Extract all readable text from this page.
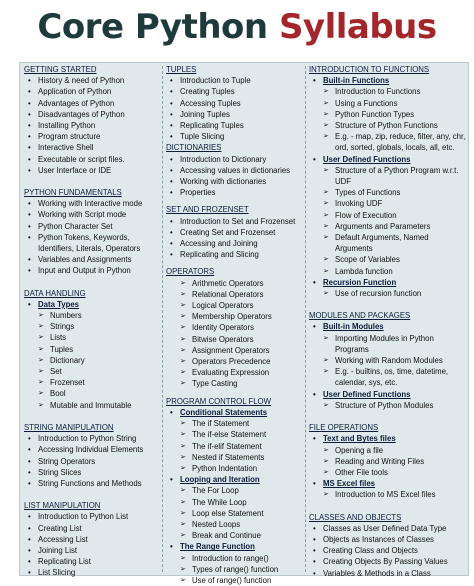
Core Python Syllabus
GETTING STARTED
• History & need of Python
• Application of Python
• Advantages of Python
• Disadvantages of Python
• Installing Python
• Program structure
• Interactive Shell
• Executable or script files.
• User Interface or IDE
PYTHON FUNDAMENTALS
• Working with Interactive mode
• Working with Script mode
• Python Character Set
• Python Tokens, Keywords, Identifiers, Literals, Operators
• Variables and Assignments
• Input and Output in Python
DATA HANDLING
• Data Types
➢ Numbers
➢ Strings
➢ Lists
➢ Tuples
➢ Dictionary
➢ Set
➢ Frozenset
➢ Bool
➢ Mutable and Immutable
STRING MANIPULATION
• Introduction to Python String
• Accessing Individual Elements
• String Operators
• String Slices
• String Functions and Methods
LIST MANIPULATION
• Introduction to Python List
• Creating List
• Accessing List
• Joining List
• Replicating List
• List Slicing
TUPLES
• Introduction to Tuple
• Creating Tuples
• Accessing Tuples
• Joining Tuples
• Replicating Tuples
• Tuple Slicing
DICTIONARIES
• Introduction to Dictionary
• Accessing values in dictionaries
• Working with dictionaries
• Properties
SET AND FROZENSET
• Introduction to Set and Frozenset
• Creating Set and Frozenset
• Accessing and Joining
• Replicating and Slicing
OPERATORS
➢ Arithmetic Operators
➢ Relational Operators
➢ Logical Operators
➢ Membership Operators
➢ Identity Operators
➢ Bitwise Operators
➢ Assignment Operators
➢ Operators Precedence
➢ Evaluating Expression
➢ Type Casting
PROGRAM CONTROL FLOW
• Conditional Statements
➢ The if Statement
➢ The if-else Statement
➢ The if-elif Statement
➢ Nested if Statements
➢ Python Indentation
• Looping and Iteration
➢ The For Loop
➢ The While Loop
➢ Loop else Statement
➢ Nested Loops
➢ Break and Continue
• The Range Function
➢ Introduction to range()
➢ Types of range() function
➢ Use of range() function
INTRODUCTION TO FUNCTIONS
• Built-in Functions
➢ Introduction to Functions
➢ Using a Functions
➢ Python Function Types
➢ Structure of Python Functions
➢ E.g. - map, zip, reduce, filter, any, chr, ord, sorted, globals, locals, all, etc.
• User Defined Functions
➢ Structure of a Python Program w.r.t. UDF
➢ Types of Functions
➢ Invoking UDF
➢ Flow of Execution
➢ Arguments and Parameters
➢ Default Arguments, Named Arguments
➢ Scope of Variables
➢ Lambda function
• Recursion Function
➢ Use of recursion function
MODULES AND PACKAGES
• Built-in Modules
➢ Importing Modules in Python Programs
➢ Working with Random Modules
➢ E.g. - builtins, os, time, datetime, calendar, sys, etc.
• User Defined Functions
➢ Structure of Python Modules
FILE OPERATIONS
• Text and Bytes files
➢ Opening a file
➢ Reading and Writing Files
➢ Other File tools
• MS Excel files
➢ Introduction to MS Excel files
CLASSES AND OBJECTS
• Classes as User Defined Data Type
• Objects as Instances of Classes
• Creating Class and Objects
• Creating Objects By Passing Values
• Variables & Methods in a Class
